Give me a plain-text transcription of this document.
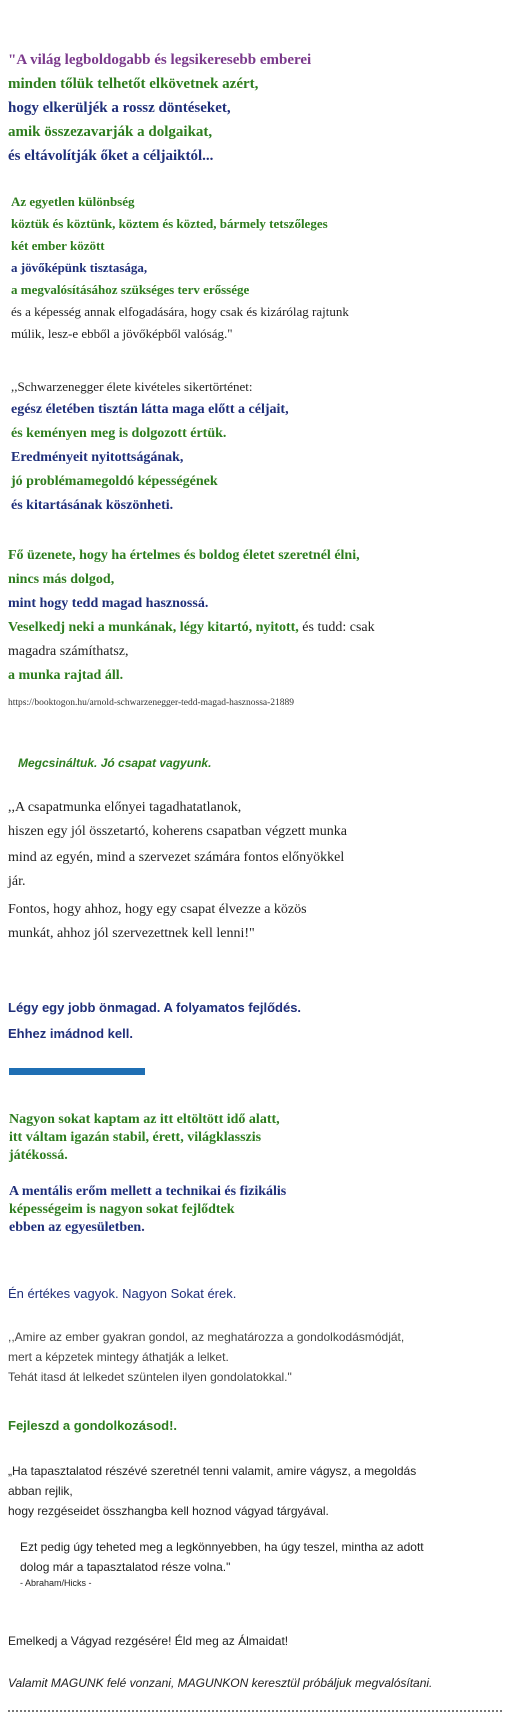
"A világ legboldogabb és legsikeresebb emberei
minden tőlük telhetőt elkövetnek azért,
hogy elkerüljék a rossz döntéseket,
amik összezavarják a dolgaikat,
és eltávolítják őket a céljaiktól...
Az egyetlen különbség
köztük és köztünk, köztem és közted, bármely tetszőleges
két ember között
a jövőképünk tisztasága,
a megvalósításához szükséges terv erőssége
és a képesség annak elfogadására, hogy csak és kizárólag rajtunk
múlik, lesz-e ebből a jövőképből valóság."
,,Schwarzenegger élete kivételes sikertörténet:
egész életében tisztán látta maga előtt a céljait,
és keményen meg is dolgozott értük.
Eredményeit nyitottságának,
jó problémamegoldó képességének
és kitartásának köszönheti.
Fő üzenete, hogy ha értelmes és boldog életet szeretnél élni,
nincs más dolgod,
mint hogy tedd magad hasznossá.
Veselkedj neki a munkának, légy kitartó, nyitott, és tudd: csak
magadra számíthatsz,
a munka rajtad áll.
https://booktogon.hu/arnold-schwarzenegger-tedd-magad-hasznossa-21889
Megcsináltuk. Jó csapat vagyunk.
,,A csapatmunka előnyei tagadhatatlanok,
hiszen egy jól összetartó, koherens csapatban végzett munka
mind az egyén, mind a szervezet számára fontos előnyökkel
jár.
Fontos, hogy ahhoz, hogy egy csapat élvezze a közös
munkát, ahhoz jól szervezettnek kell lenni!"
Légy egy jobb önmagad. A folyamatos fejlődés.
Ehhez imádnod kell.
Nagyon sokat kaptam az itt eltöltött idő alatt,
itt váltam igazán stabil, érett, világklasszis
játékossá.
A mentális erőm mellett a technikai és fizikális
képességeim is nagyon sokat fejlődtek
ebben az egyesületben.
Én értékes vagyok. Nagyon Sokat érek.
,,Amire az ember gyakran gondol, az meghatározza a gondolkodásmódját,
mert a képzetek mintegy áthatják a lelket.
Tehát itasd át lelkedet szüntelen ilyen gondolatokkal."
Fejleszd a gondolkozásod!.
„Ha tapasztalatod részévé szeretnél tenni valamit, amire vágysz, a megoldás
abban rejlik,
hogy rezgéseidet összhangba kell hoznod vágyad tárgyával.
Ezt pedig úgy teheted meg a legkönnyebben, ha úgy teszel, mintha az adott
dolog már a tapasztalatod része volna."
- Abraham/Hicks -
Emelkedj a Vágyad rezgésére! Éld meg az Álmaidat!
Valamit MAGUNK felé vonzani, MAGUNKON keresztül próbáljuk megvalósítani.
